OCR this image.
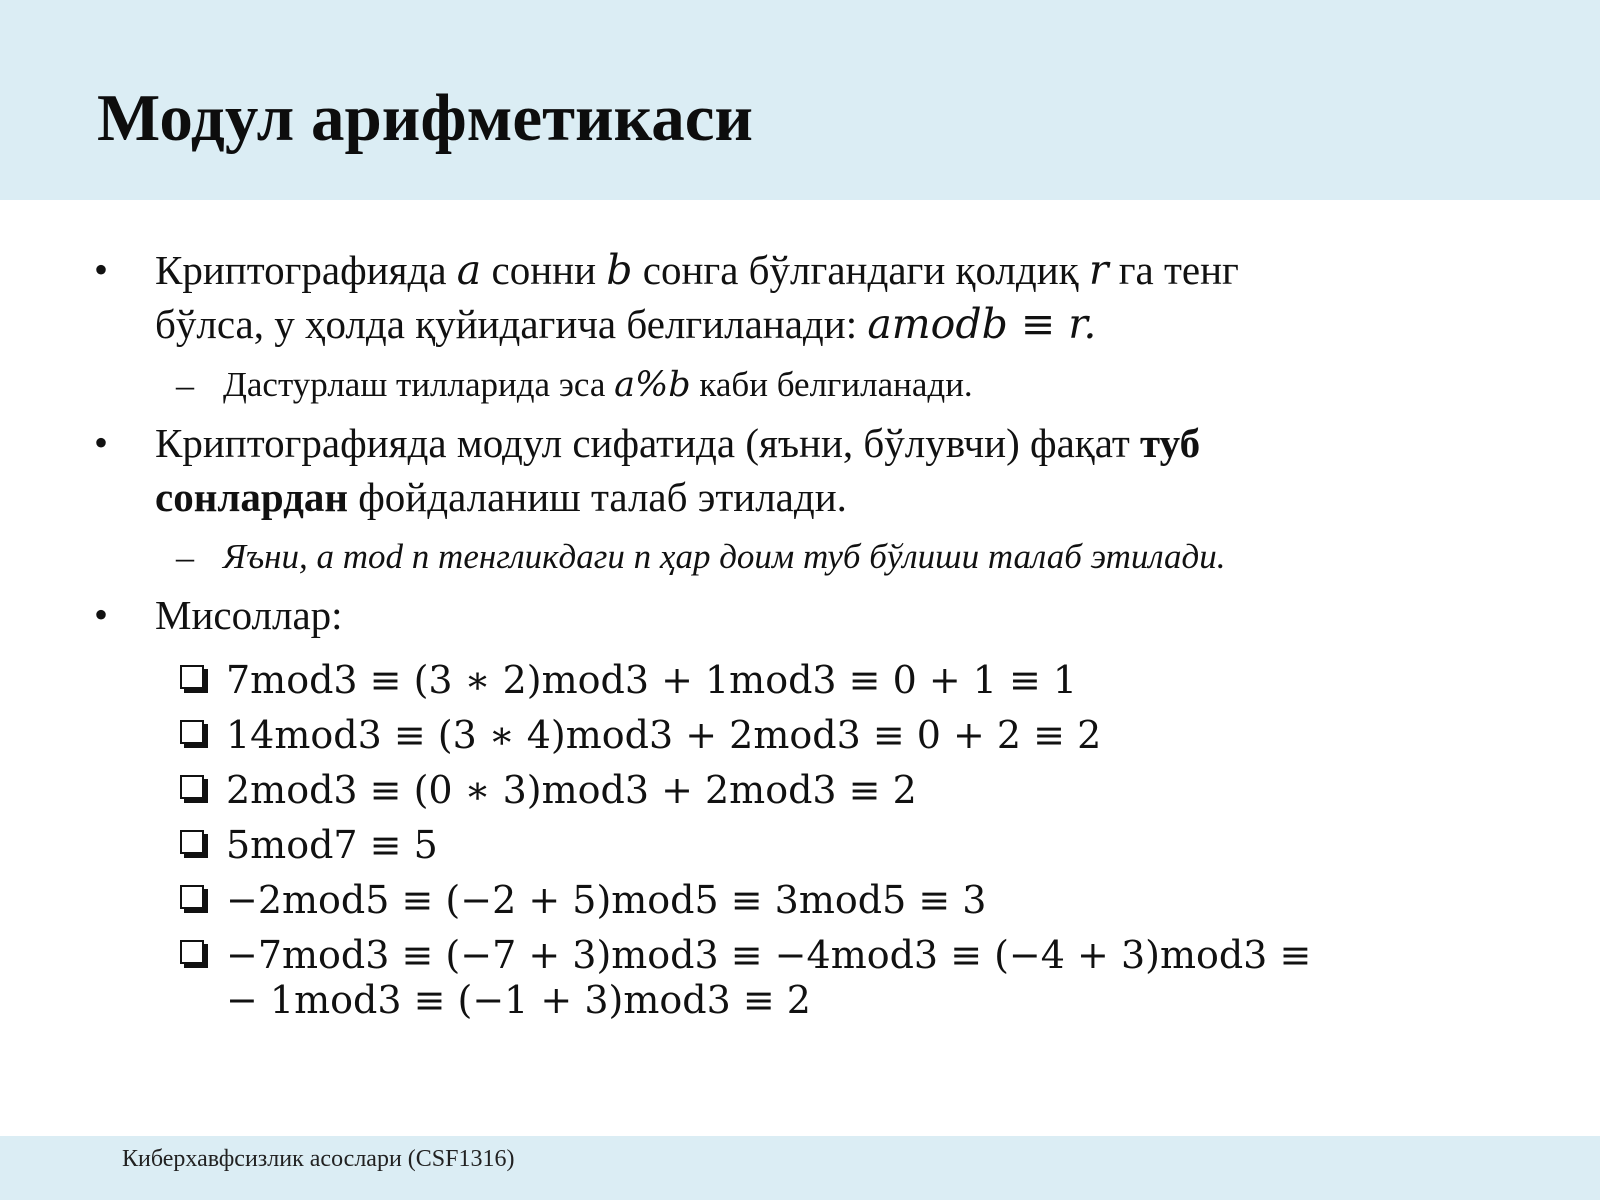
Модул арифметикаси
• Криптографияда a сонни b сонга бўлгандаги қолдиқ r га тенг
бўлса, у ҳолда қуйидагича белгиланади: amodb ≡ r.
– Дастурлаш тилларида эса a%b каби белгиланади.
• Криптографияда модул сифатида (яъни, бўлувчи) фақат туб
сонлардан фойдаланиш талаб этилади.
– Яъни, a mod n тенгликдаги n ҳар доим туб бўлиши талаб этилади.
• Мисоллар:
7mod3 ≡ (3 ∗ 2)mod3 + 1mod3 ≡ 0 + 1 ≡ 1
14mod3 ≡ (3 ∗ 4)mod3 + 2mod3 ≡ 0 + 2 ≡ 2
2mod3 ≡ (0 ∗ 3)mod3 + 2mod3 ≡ 2
5mod7 ≡ 5
−2mod5 ≡ (−2 + 5)mod5 ≡ 3mod5 ≡ 3
−7mod3 ≡ (−7 + 3)mod3 ≡ −4mod3 ≡ (−4 + 3)mod3 ≡
− 1mod3 ≡ (−1 + 3)mod3 ≡ 2
Киберхавфсизлик асослари (CSF1316)
